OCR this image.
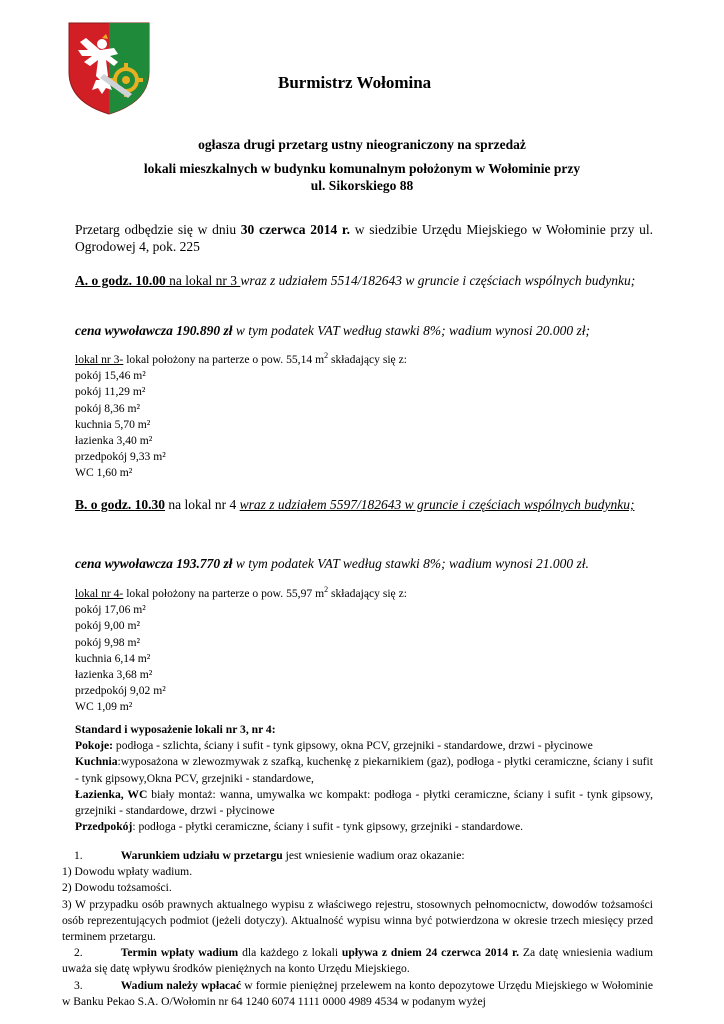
Burmistrz Wołomina
ogłasza drugi przetarg ustny nieograniczony na sprzedaż
lokali mieszkalnych w budynku komunalnym położonym w Wołominie przy
ul. Sikorskiego 88
Przetarg odbędzie się w dniu 30 czerwca 2014 r. w siedzibie Urzędu Miejskiego w Wołominie przy ul. Ogrodowej 4, pok. 225
A. o godz. 10.00 na lokal nr 3 wraz z udziałem 5514/182643 w gruncie i częściach wspólnych budynku;
cena wywoławcza 190.890 zł w tym podatek VAT według stawki 8%; wadium wynosi 20.000 zł;
lokal nr 3- lokal położony na parterze o pow. 55,14 $m^2$ składający się z:
pokój 15,46 m²
pokój 11,29 m²
pokój 8,36 m²
kuchnia 5,70 m²
łazienka 3,40 m²
przedpokój 9,33 m²
WC 1,60 m²
B. o godz. 10.30 na lokal nr 4 wraz z udziałem 5597/182643 w gruncie i częściach wspólnych budynku;
cena wywoławcza 193.770 zł w tym podatek VAT według stawki 8%; wadium wynosi 21.000 zł.
lokal nr 4- lokal położony na parterze o pow. 55,97 $m^2$ składający się z:
pokój 17,06 m²
pokój 9,00 m²
pokój 9,98 m²
kuchnia 6,14 m²
łazienka 3,68 m²
przedpokój 9,02 m²
WC 1,09 m²
Standard i wyposażenie lokali nr 3, nr 4:
Pokoje: podłoga - szlichta, ściany i sufit - tynk gipsowy, okna PCV, grzejniki - standardowe, drzwi - płycinowe
Kuchnia:wyposażona w zlewozmywak z szafką, kuchenkę z piekarnikiem (gaz), podłoga - płytki ceramiczne, ściany i sufit - tynk gipsowy,Okna PCV, grzejniki - standardowe,
Łazienka, WC biały montaż: wanna, umywalka wc kompakt: podłoga - płytki ceramiczne, ściany i sufit - tynk gipsowy, grzejniki - standardowe, drzwi - płycinowe
Przedpokój: podłoga - płytki ceramiczne, ściany i sufit - tynk gipsowy, grzejniki - standardowe.
1.	Warunkiem udziału w przetargu jest wniesienie wadium oraz okazanie:
1) Dowodu wpłaty wadium.
2) Dowodu tożsamości.
3) W przypadku osób prawnych aktualnego wypisu z właściwego rejestru, stosownych pełnomocnictw, dowodów tożsamości osób reprezentujących podmiot (jeżeli dotyczy). Aktualność wypisu winna być potwierdzona w okresie trzech miesięcy przed terminem przetargu.
2.	Termin wpłaty wadium dla każdego z lokali upływa z dniem 24 czerwca 2014 r. Za datę wniesienia wadium uważa się datę wpływu środków pieniężnych na konto Urzędu Miejskiego.
3.	Wadium należy wpłacać w formie pieniężnej przelewem na konto depozytowe Urzędu Miejskiego w Wołominie w Banku Pekao S.A. O/Wołomin nr 64 1240 6074 1111 0000 4989 4534 w podanym wyżej
